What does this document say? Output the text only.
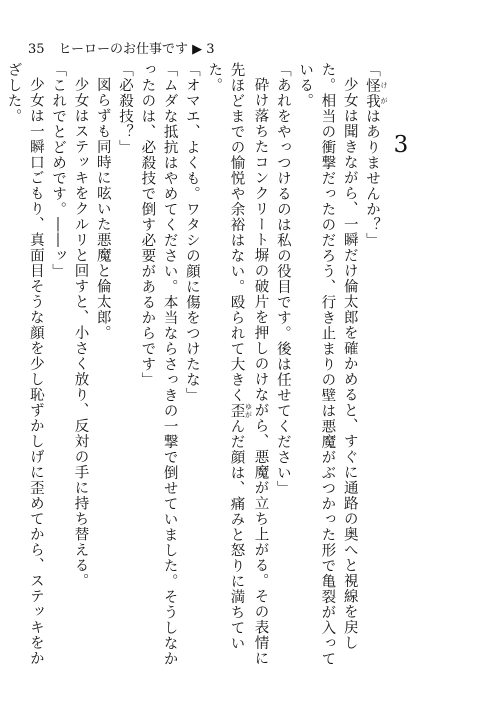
35 ヒーローのお仕事です ▶ 3
3

「怪我 けがはありませんか？」

少女は聞きながら、一瞬だけ倫太郎を確かめると、すぐに通路の奥へと視線を戻した。相当の衝撃だったのだろう、行き止まりの壁は悪魔がぶつかった形で亀裂が入っている。

「あれをやっつけるのは私の役目です。後は任せてください」

砕け落ちたコンクリート塀の破片を押しのけながら、悪魔が立ち上がる。その表情に先ほどまでの愉悦や余裕はない。殴られて大きく歪 ゆがんだ顔は、痛みと怒りに満ちていた。

「オマエ、よくも。ワタシの顔に傷をつけたな」

「ムダな抵抗はやめてください。本当ならさっきの一撃で倒せていました。そうしなかったのは、必殺技で倒す必要があるからです」

「必殺技？」

図らずも同時に呟いた悪魔と倫太郎。

少女はステッキをクルリと回すと、小さく放り、反対の手に持ち替える。

「これでとどめです。――ッ」

少女は一瞬口ごもり、真面目そうな顔を少し恥ずかしげに歪めてから、ステッキをかざした。
